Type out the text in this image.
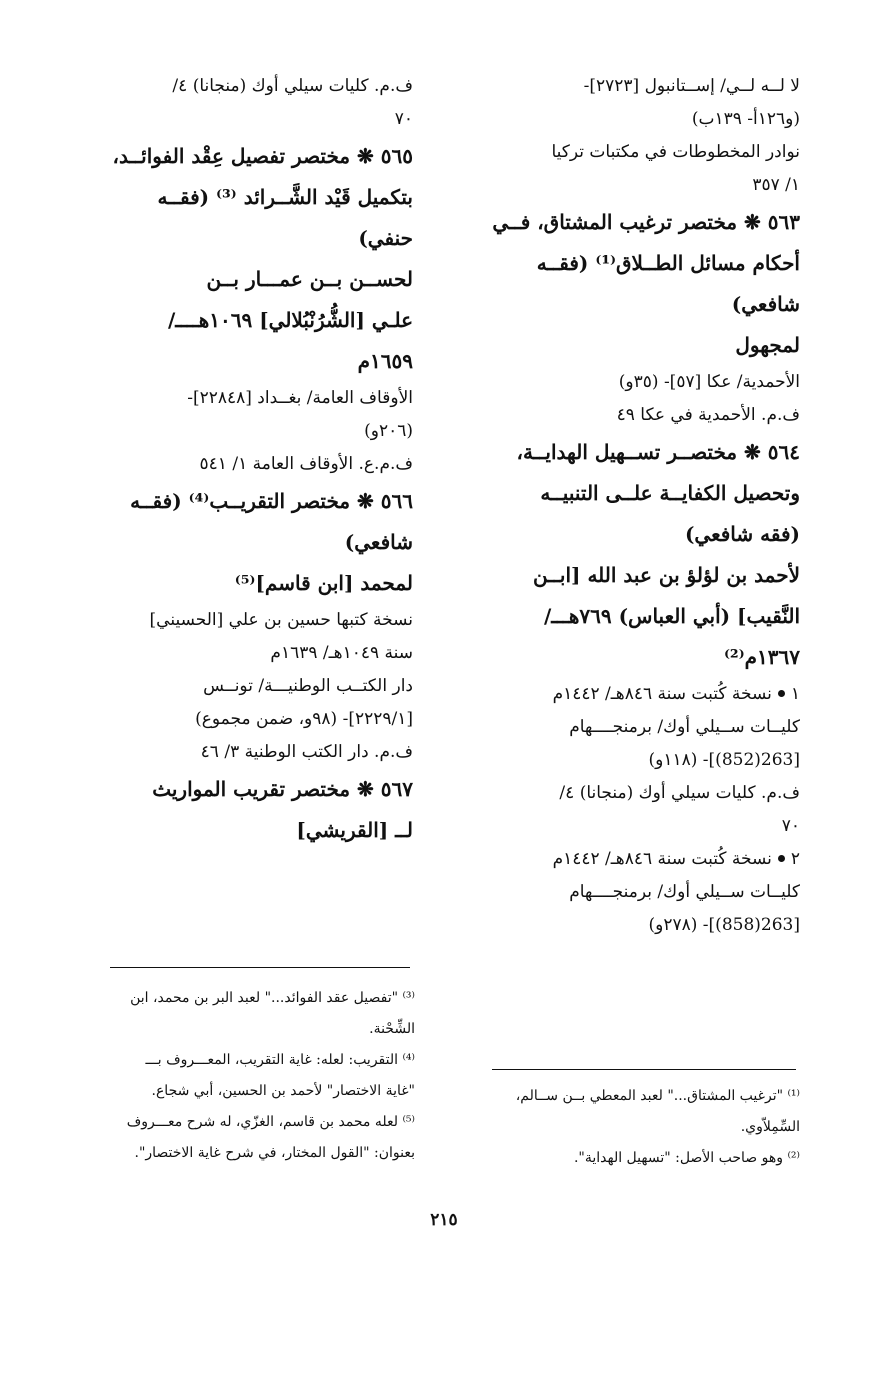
لا لــه لــي/ إســتانبول [٢٧٢٣]-
(و١٢٦أ- ١٣٩ب)
نوادر المخطوطات في مكتبات تركيا
١/ ٣٥٧
٥٦٣ ❋ مختصر ترغيب المشتاق، فــي
أحكام مسائل الطــلاق⁽¹⁾ (فقــه
شافعي)
لمجهول
الأحمدية/ عكا [٥٧]- (٣٥و)
ف.م. الأحمدية في عكا ٤٩
٥٦٤ ❋ مختصــر تســهيل الهدايــة،
وتحصيل الكفايــة علــى التنبيــه
(فقه شافعي)
لأحمد بن لؤلؤ بن عبد الله [ابــن
النَّقيب] (أبي العباس) ٧٦٩هـــ/
١٣٦٧م⁽²⁾
١نسخة كُتبت سنة ٨٤٦هـ/ ١٤٤٢م
كليــات ســيلي أوك/ برمنجــــهام
[263(852)]- (١١٨و)
ف.م. كليات سيلي أوك (منجانا) ٤/
٧٠
٢نسخة كُتبت سنة ٨٤٦هـ/ ١٤٤٢م
كليــات ســيلي أوك/ برمنجــــهام
[263(858)]- (٢٧٨و)
ف.م. كليات سيلي أوك (منجانا) ٤/
٧٠
٥٦٥ ❋ مختصر تفصيل عِقْد الفوائــد،
بتكميل قَيْد الشَّــرائد ⁽³⁾ (فقــه
حنفي)
لحســن بــن عمـــار بــن
علـي [الشُّرُنْبُلالي] ١٠٦٩هــــ/
١٦٥٩م
الأوقاف العامة/ بغــداد [٢٢٨٤٨]-
(٢٠٦و)
ف.م.ع. الأوقاف العامة ١/ ٥٤١
٥٦٦ ❋ مختصر التقريــب⁽⁴⁾ (فقــه
شافعي)
لمحمد [ابن قاسم]⁽⁵⁾
نسخة كتبها حسين بن علي [الحسيني]
سنة ١٠٤٩هـ/ ١٦٣٩م
دار الكتــب الوطنيـــة/ تونــس
[٢٢٢٩/١]- (٩٨و، ضمن مجموع)
ف.م. دار الكتب الوطنية ٣/ ٤٦
٥٦٧ ❋ مختصر تقريب المواريث
لــ [القريشي]
⁽³⁾ "تفصيل عقد الفوائد..." لعبد البر بن محمد، ابن
الشِّحْنة.
⁽⁴⁾ التقريب: لعله: غاية التقريب، المعـــروف بـــ
"غاية الاختصار" لأحمد بن الحسين، أبي شجاع.
⁽⁵⁾ لعله محمد بن قاسم، الغزّي، له شرح معـــروف
بعنوان: "القول المختار، في شرح غاية الاختصار".
⁽¹⁾ "ترغيب المشتاق..." لعبد المعطي بــن ســالم،
السِّمِلاّوي.
⁽²⁾ وهو صاحب الأصل: "تسهيل الهداية".
٢١٥
